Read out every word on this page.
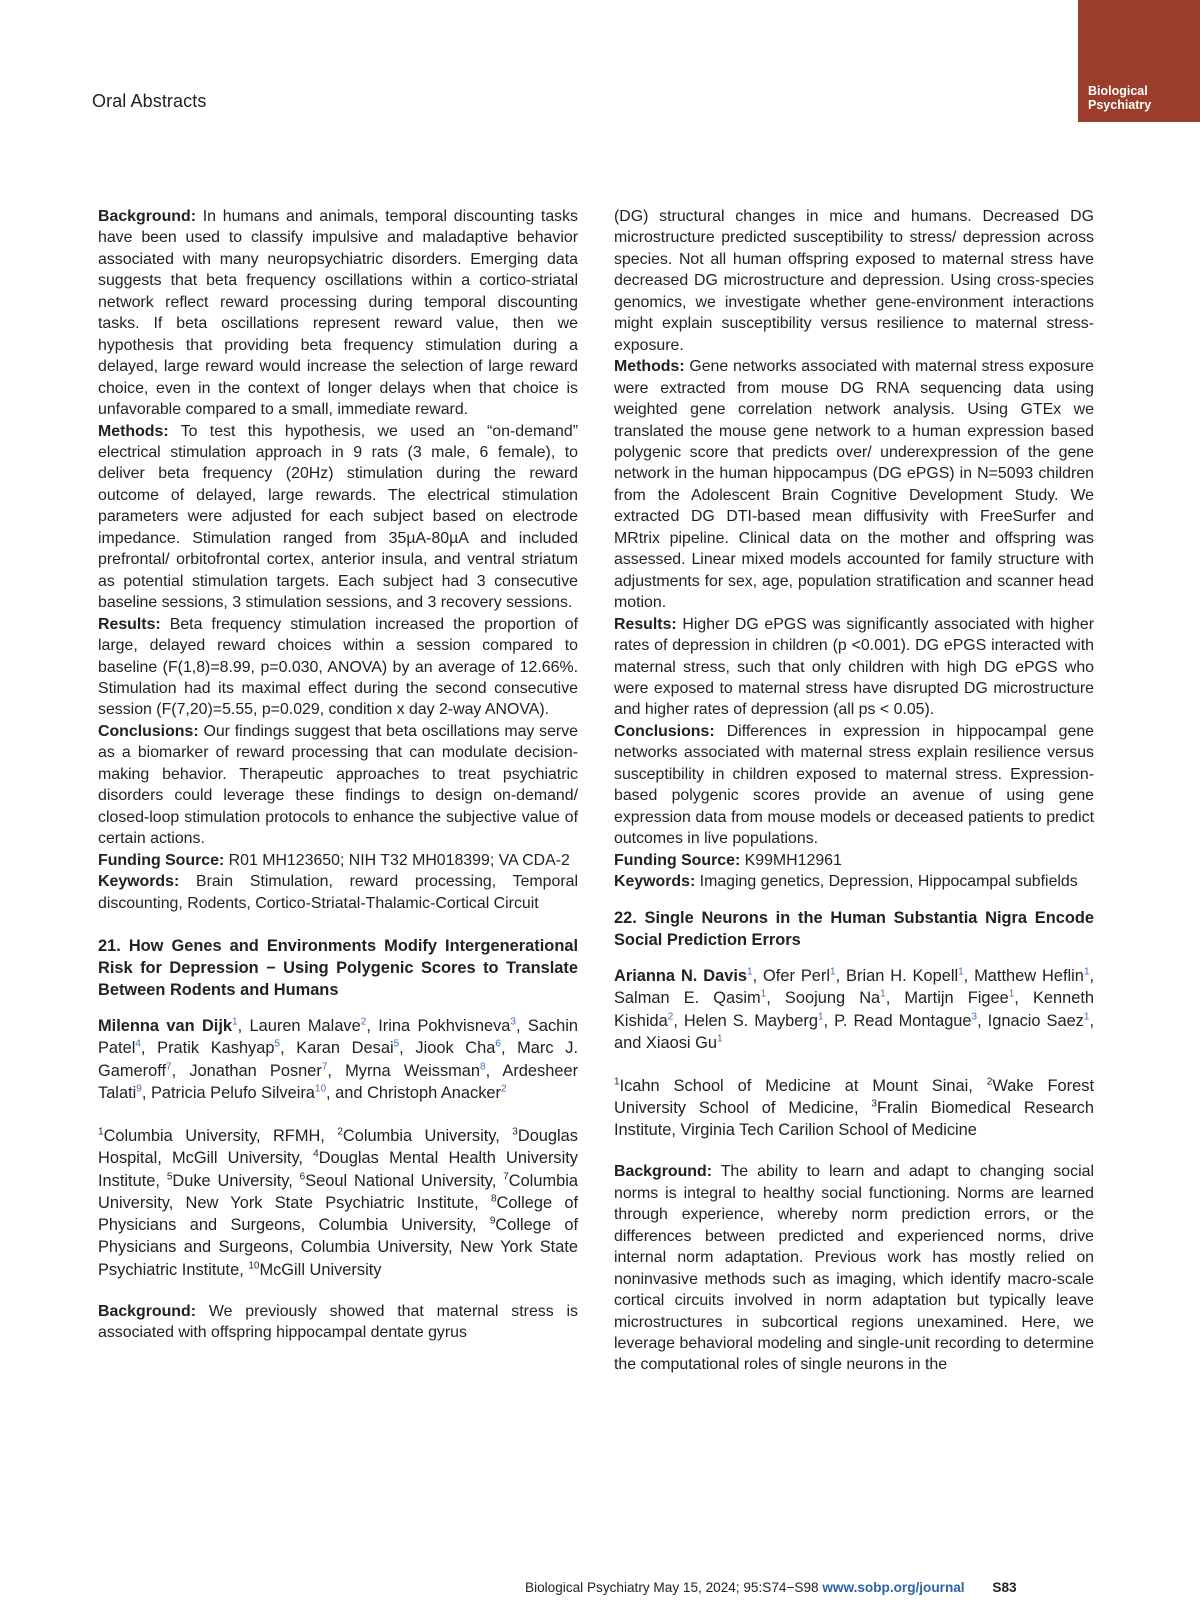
Oral Abstracts	Biological
Psychiatry

Background: In humans and animals, temporal discounting tasks have been used to classify impulsive and maladaptive behavior associated with many neuropsychiatric disorders. Emerging data suggests that beta frequency oscillations within a cortico-striatal network reflect reward processing during temporal discounting tasks. If beta oscillations represent reward value, then we hypothesis that providing beta frequency stimulation during a delayed, large reward would increase the selection of large reward choice, even in the context of longer delays when that choice is unfavorable compared to a small, immediate reward.

Methods: To test this hypothesis, we used an “on-demand” electrical stimulation approach in 9 rats (3 male, 6 female), to deliver beta frequency (20Hz) stimulation during the reward outcome of delayed, large rewards. The electrical stimulation parameters were adjusted for each subject based on electrode impedance. Stimulation ranged from 35µA-80µA and included prefrontal/ orbitofrontal cortex, anterior insula, and ventral striatum as potential stimulation targets. Each subject had 3 consecutive baseline sessions, 3 stimulation sessions, and 3 recovery sessions.

Results: Beta frequency stimulation increased the proportion of large, delayed reward choices within a session compared to baseline (F(1,8)=8.99, p=0.030, ANOVA) by an average of 12.66%. Stimulation had its maximal effect during the second consecutive session (F(7,20)=5.55, p=0.029, condition x day 2-way ANOVA).

Conclusions: Our findings suggest that beta oscillations may serve as a biomarker of reward processing that can modulate decision-making behavior. Therapeutic approaches to treat psychiatric disorders could leverage these findings to design on-demand/ closed-loop stimulation protocols to enhance the subjective value of certain actions.

Funding Source: R01 MH123650; NIH T32 MH018399; VA CDA-2

Keywords: Brain Stimulation, reward processing, Temporal discounting, Rodents, Cortico-Striatal-Thalamic-Cortical Circuit

21. How Genes and Environments Modify Intergenerational Risk for Depression − Using Polygenic Scores to Translate Between Rodents and Humans

Milenna van Dijk$^1$, Lauren Malave$^2$, Irina Pokhvisneva$^3$, Sachin Patel$^4$, Pratik Kashyap$^5$, Karan Desai$^5$, Jiook Cha$^6$, Marc J. Gameroff$^7$, Jonathan Posner$^7$, Myrna Weissman$^8$, Ardesheer Talati$^9$, Patricia Pelufo Silveira$^{10}$, and Christoph Anacker$^2$

$^1$Columbia University, RFMH, $^2$Columbia University, $^3$Douglas Hospital, McGill University, $^4$Douglas Mental Health University Institute, $^5$Duke University, $^6$Seoul National University, $^7$Columbia University, New York State Psychiatric Institute, $^8$College of Physicians and Surgeons, Columbia University, $^9$College of Physicians and Surgeons, Columbia University, New York State Psychiatric Institute, $^{10}$McGill University

Background: We previously showed that maternal stress is associated with offspring hippocampal dentate gyrus

(DG) structural changes in mice and humans. Decreased DG microstructure predicted susceptibility to stress/ depression across species. Not all human offspring exposed to maternal stress have decreased DG microstructure and depression. Using cross-species genomics, we investigate whether gene-environment interactions might explain susceptibility versus resilience to maternal stress-exposure.

Methods: Gene networks associated with maternal stress exposure were extracted from mouse DG RNA sequencing data using weighted gene correlation network analysis. Using GTEx we translated the mouse gene network to a human expression based polygenic score that predicts over/ underexpression of the gene network in the human hippocampus (DG ePGS) in N=5093 children from the Adolescent Brain Cognitive Development Study. We extracted DG DTI-based mean diffusivity with FreeSurfer and MRtrix pipeline. Clinical data on the mother and offspring was assessed. Linear mixed models accounted for family structure with adjustments for sex, age, population stratification and scanner head motion.

Results: Higher DG ePGS was significantly associated with higher rates of depression in children (p <0.001). DG ePGS interacted with maternal stress, such that only children with high DG ePGS who were exposed to maternal stress have disrupted DG microstructure and higher rates of depression (all ps < 0.05).

Conclusions: Differences in expression in hippocampal gene networks associated with maternal stress explain resilience versus susceptibility in children exposed to maternal stress. Expression-based polygenic scores provide an avenue of using gene expression data from mouse models or deceased patients to predict outcomes in live populations.

Funding Source: K99MH12961

Keywords: Imaging genetics, Depression, Hippocampal subfields

22. Single Neurons in the Human Substantia Nigra Encode Social Prediction Errors

Arianna N. Davis$^1$, Ofer Perl$^1$, Brian H. Kopell$^1$, Matthew Heflin$^1$, Salman E. Qasim$^1$, Soojung Na$^1$, Martijn Figee$^1$, Kenneth Kishida$^2$, Helen S. Mayberg$^1$, P. Read Montague$^3$, Ignacio Saez$^1$, and Xiaosi Gu$^1$

$^1$Icahn School of Medicine at Mount Sinai, $^2$Wake Forest University School of Medicine, $^3$Fralin Biomedical Research Institute, Virginia Tech Carilion School of Medicine

Background: The ability to learn and adapt to changing social norms is integral to healthy social functioning. Norms are learned through experience, whereby norm prediction errors, or the differences between predicted and experienced norms, drive internal norm adaptation. Previous work has mostly relied on noninvasive methods such as imaging, which identify macro-scale cortical circuits involved in norm adaptation but typically leave microstructures in subcortical regions unexamined. Here, we leverage behavioral modeling and single-unit recording to determine the computational roles of single neurons in the

Biological Psychiatry May 15, 2024; 95:S74−S98 www.sobp.org/journal S83
